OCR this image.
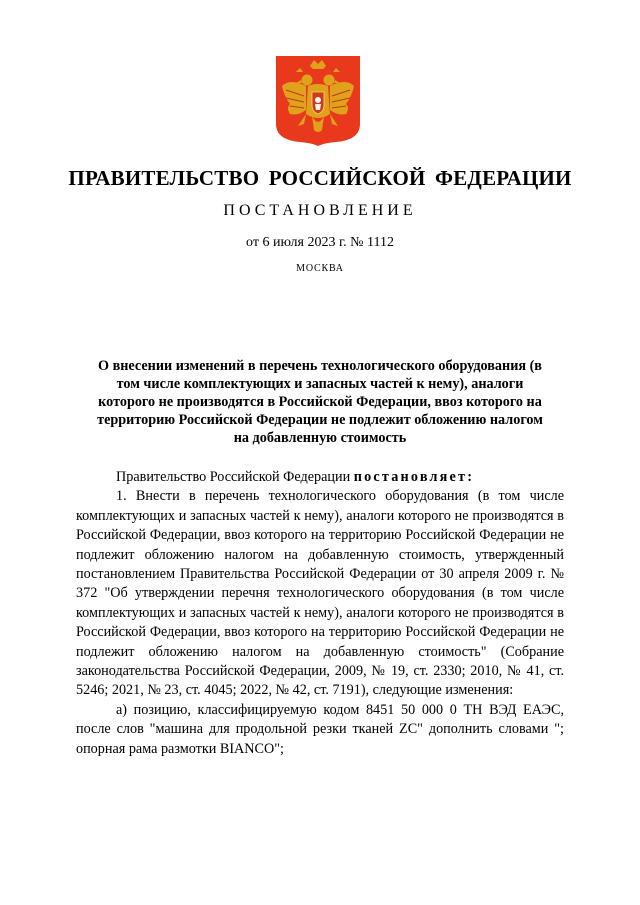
ПРАВИТЕЛЬСТВО РОССИЙСКОЙ ФЕДЕРАЦИИ
ПОСТАНОВЛЕНИЕ
от 6 июля 2023 г. № 1112
МОСКВА
О внесении изменений в перечень технологического оборудования (в том числе комплектующих и запасных частей к нему), аналоги которого не производятся в Российской Федерации, ввоз которого на территорию Российской Федерации не подлежит обложению налогом на добавленную стоимость

Правительство Российской Федерации постановляет:

1. Внести в перечень технологического оборудования (в том числе комплектующих и запасных частей к нему), аналоги которого не производятся в Российской Федерации, ввоз которого на территорию Российской Федерации не подлежит обложению налогом на добавленную стоимость, утвержденный постановлением Правительства Российской Федерации от 30 апреля 2009 г. № 372 "Об утверждении перечня технологического оборудования (в том числе комплектующих и запасных частей к нему), аналоги которого не производятся в Российской Федерации, ввоз которого на территорию Российской Федерации не подлежит обложению налогом на добавленную стоимость" (Собрание законодательства Российской Федерации, 2009, № 19, ст. 2330; 2010, № 41, ст. 5246; 2021, № 23, ст. 4045; 2022, № 42, ст. 7191), следующие изменения:

а) позицию, классифицируемую кодом 8451 50 000 0 ТН ВЭД ЕАЭС, после слов "машина для продольной резки тканей ZC" дополнить словами "; опорная рама размотки BIANCO";
